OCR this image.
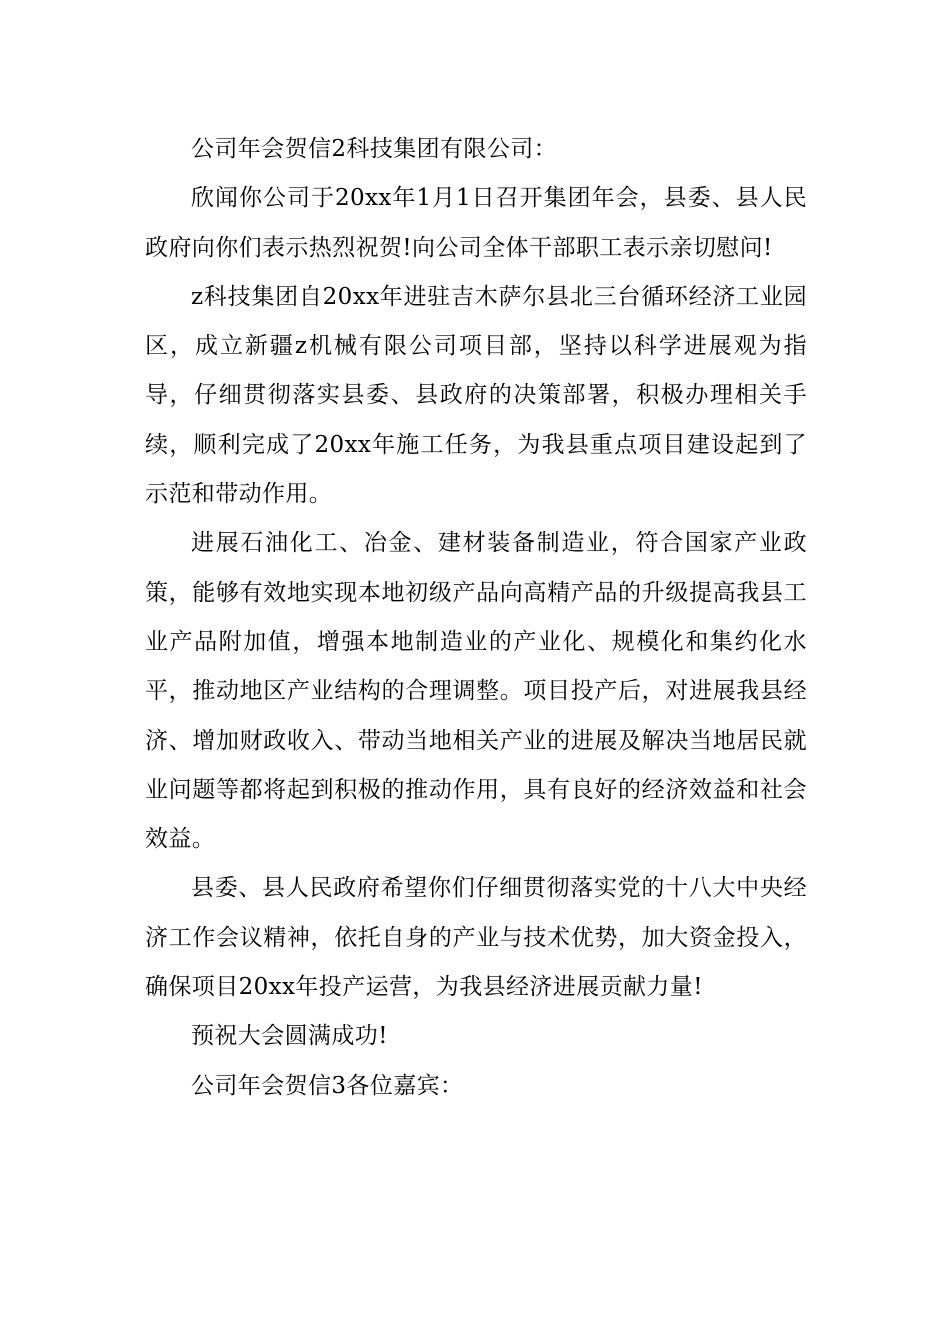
公司年会贺信2科技集团有限公司：

欣闻你公司于20xx年1月1日召开集团年会，县委、县人民政府向你们表示热烈祝贺!向公司全体干部职工表示亲切慰问!

z科技集团自20xx年进驻吉木萨尔县北三台循环经济工业园区，成立新疆z机械有限公司项目部，坚持以科学进展观为指导，仔细贯彻落实县委、县政府的决策部署，积极办理相关手续，顺利完成了20xx年施工任务，为我县重点项目建设起到了示范和带动作用。

进展石油化工、冶金、建材装备制造业，符合国家产业政策，能够有效地实现本地初级产品向高精产品的升级提高我县工业产品附加值，增强本地制造业的产业化、规模化和集约化水平，推动地区产业结构的合理调整。项目投产后，对进展我县经济、增加财政收入、带动当地相关产业的进展及解决当地居民就业问题等都将起到积极的推动作用，具有良好的经济效益和社会效益。

县委、县人民政府希望你们仔细贯彻落实党的十八大中央经济工作会议精神，依托自身的产业与技术优势，加大资金投入，确保项目20xx年投产运营，为我县经济进展贡献力量!

预祝大会圆满成功!

公司年会贺信3各位嘉宾：
